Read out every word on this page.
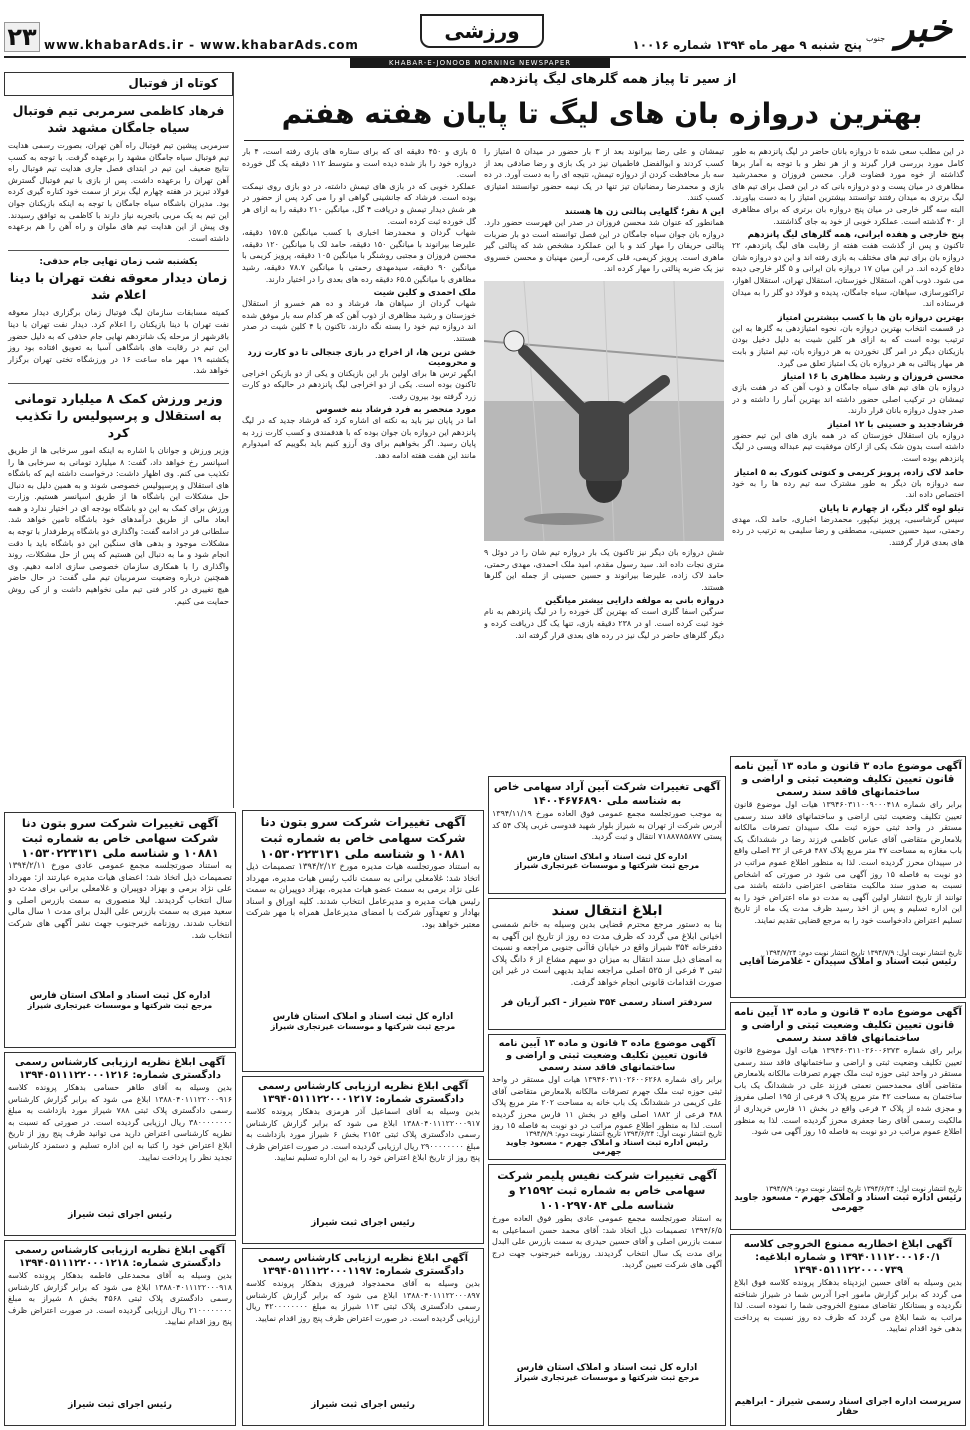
خبر
جنوب
پنج شنبه ۹ مهر ماه ۱۳۹۴ شماره ۱۰۰۱۶
ورزشی
www.khabarAds.ir - www.khabarAds.com
۲۳
KHABAR-E-JONOOB MORNING NEWSPAPER
از سیر تا پیاز همه گلرهای لیگ پانزدهم
بهترین دروازه بان های لیگ تا پایان هفته هفتم
در این مطلب سعی شده تا دروازه بانان حاضر در لیگ پانزدهم به طور کامل مورد بررسی قرار گیرند و از هر نظر و با توجه به آمار برها گذاشته از خوه مورد قضاوت قرار. محسن فروزان و محمدرشید مظاهری در میان پست و دو دروازه بانی که در این فصل برای تیم های لیگ برتری به میدان رفتند توانستند بیشترین امتیاز را به دست بیاورند. البته سه گلر خارجی در میان پنج دروازه بان برتری که برای مظاهری از ۴۰ گذشته است. عملکرد خوبی از خود به جای گذاشتند.
پنج خارجی و هفده ایرانی، همه گلرهای لیگ پانزدهم
تاکنون و پس از گذشت هفت هفته از رقابت های لیگ پانزدهم، ۲۲ دروازه بان برای تیم های مختلف به بازی رفته اند و این دو دروازه شان دفاع کرده اند. در این میان ۱۷ دروازه بان ایرانی و ۵ گلر خارجی دیده می شود. ذوب آهن، استقلال خوزستان، استقلال تهران، استقلال اهواز، تراکتورسازی، سپاهان، سیاه جامگان، پدیده و فولاد دو گلر را به میدان فرستاده اند.
بهترین دروازه بان ها با کسب بیشترین امتیاز
در قسمت انتخاب بهترین دروازه بان، نحوه امتیازدهی به گلرها به این ترتیب بوده است که به ازای هر کلین شیت به دلیل دخیل بودن بازیکنان دیگر در امر گل نخوردن به هر دروازه بان، تیم امتیاز و بابت هر مهار پنالتی به هر دروازه بان یک امتیاز تعلق می گیرد.
محسن فروزان و رشید مظاهری با ۱۶ امتیاز
دروازه بان های تیم های سیاه جامگان و ذوب آهن که در هفت بازی تیمشان در ترکیب اصلی حضور داشته اند بهترین آمار را داشته و در صدر جدول دروازه بانان قرار دارند.
فرشادجدید و حسینی با ۱۲ امتیاز
دروازه بان استقلال خوزستان که در همه بازی های این تیم حضور داشته است بدون شک یکی از ارکان موفقیت تیم عبداله ویسی در لیگ پانزدهم بوده است.
حامد لاک زاده، پرویز کریمی و کنوتی کنورک به ۵ امتیاز
سه دروازه بان دیگر به طور مشترک سه تیم رده ها را به خود اختصاص داده اند.
تیلو لوه گلر دیگر، از چهارم تا پایان
سپس گرشاسبی، پرویز نیکپور، محمدرضا اخباری، حامد لک، مهدی رحمتی، سید حسین حسینی، مصطفی و رضا سلیمی به ترتیب در رده های بعدی قرار گرفتند.
تیمشان و علی رضا بیرانوند بعد از ۳ بار حضور در میدان ۵ امتیاز را کسب کردند و ابوالفضل فاطمیان نیز در یک بازی و رضا صادقی بعد از سه بار محافظت کردن از دروازه تیمش، نتیجه ای را به دست آورد. در ده بازی و محمدرضا رمضانیان تیز تنها در یک نیمه حضور توانستند امتیازی کسب کنند.
این ۸ نفر؛ گلهایی پنالتی زن ها هستند
همانطور که عنوان شد محسن فروزان در صدر این فهرست حضور دارد. دروازه بان جوان سیاه جامگان در این فصل توانسته است دو بار ضربات پنالتی حریفان را مهار کند و با این عملکرد مشخص شد که پنالتی گیر ماهری است. پرویز کریمی، قلی کرمی، آرمین مهنیان و محسن خسروی نیز یک ضربه پنالتی را مهار کرده اند.
شش دروازه بان دیگر نیز تاکنون یک بار دروازه تیم شان را در دوئل ۹ متری نجات داده اند. سید رسول مقدم، امید ملک احمدی، مهدی رحمتی، حامد لاک زاده، علیرضا بیرانوند و حسین حسینی از جمله این گلرها هستند.
دروازه بانی به مولفه دارایی بیشتر میانگین
سرگین اسفا گلری است که بهترین گل خورده را در لیگ پانزدهم به نام خود ثبت کرده است. او در ۲۳۸ دقیقه بازی، تنها یک گل دریافت کرده و دیگر گلرهای حاضر در لیگ نیز در رده های بعدی قرار گرفته اند.
۵ بازی و ۴۵۰ دقیقه ای که برای ستاره های بازی رفته است، ۴ بار دروازه خود را باز شده دیده است و متوسط ۱۱۲ دقیقه یک گل خورده است.
عملکرد خوبی که در بازی های تیمش داشته، در دو بازی روی نیمکت بوده است. فرشاد که جانشینی گواهی او را می کرد پس از حضور در هر شش دیدار تیمش و دریافت ۴ گل، میانگین ۲۱۰ دقیقه را به ازای هر گل خورده ثبت کرده است.
شهاب گردان و محمدرضا اخباری با کسب میانگین ۱۵۷.۵ دقیقه، علیرضا بیرانوند با میانگین ۱۵۰ دقیقه، حامد لک با میانگین ۱۲۰ دقیقه، محسن فروزان و مجتبی روشنگر با میانگین ۱۰۵ دقیقه، پرویز کریمی با میانگین ۹۰ دقیقه، سیدمهدی رحمتی با میانگین ۷۸.۷ دقیقه، رشید مظاهری با میانگین ۶۵.۵ دقیقه رده های بعدی را در اختیار دارند.
ملک احمدی و کلین شیت
شهاب گردان از سپاهان ها، فرشاد و ده هم خسرو از استقلال خوزستان و رشید مظاهری از ذوب آهن که هر کدام سه بار موفق شده اند دروازه تیم خود را بسته نگه دارند، تاکنون با ۴ کلین شیت در صدر هستند.
خشن ترین ها، از اخراج در بازی جنجالی تا دو کارت زرد و محرومیت
ابگهر ترس ها برای اولین بار این بازیکنان و یکی از دو بازیکن اخراجی تاکنون بوده است. یکی از دو اخراجی لیگ پانزدهم در حالیکه دو کارت زرد گرفته بود بیرون رفت.
مورد منحصر به فرد فرشاد بنه خسوس
اما در پایان نیز باید به نکته ای اشاره کرد که فرشاد جدید که در لیگ پانزدهم این دروازه بان جوان بوده که با هدفمندی و کسب کارت زرد به پایان رسید. اگر بخواهیم برای وی آرزو کنیم باید بگوییم که امیدوارم مانند این هفت هفته ادامه دهد.
کوتاه از فوتبال
فرهاد کاظمی سرمربی تیم فوتبال سیاه جامگان مشهد شد
سرمربی پیشین تیم فوتبال راه آهن تهران، بصورت رسمی هدایت تیم فوتبال سیاه جامگان مشهد را برعهده گرفت. با توجه به کسب نتایج ضعیف این تیم در ابتدای فصل جاری هدایت تیم فوتبال راه آهن تهران را برعهده داشت. پس از بازی با تیم فوتبال گسترش فولاد تبریز در هفته چهارم لیگ برتر از سمت خود کناره گیری کرده بود. مدیران باشگاه سیاه جامگان با توجه به اینکه بازیکنان جوان این تیم به یک مربی باتجربه نیاز دارند با کاظمی به توافق رسیدند. وی پیش از این هدایت تیم های ملوان و راه آهن را هم برعهده داشته است.
یکشنبه شب زمان تهایی جام حذفی:
زمان دیدار معوقه نفت تهران با دینا اعلام شد
کمیته مسابقات سازمان لیگ فوتبال زمان برگزاری دیدار معوقه نفت تهران با دینا بازیکنان را اعلام کرد. دیدار نفت تهران با دینا باقرشهر از مرحله یک شانزدهم نهایی جام حذفی که به دلیل حضور این تیم در رقابت های باشگاهی آسیا به تعویق افتاده بود روز یکشنبه ۱۹ مهر ماه ساعت ۱۶ در ورزشگاه تختی تهران برگزار خواهد شد.
وزیر ورزش کمک ۸ میلیارد تومانی به استقلال و پرسپولیس را تکذیب کرد
وزیر ورزش و جوانان با اشاره به اینکه امور سرخابی ها از طریق اسپانسر رخ خواهد داد، گفت: ۸ میلیارد تومانی به سرخابی ها را تکذیب می کنم. وی اظهار داشت: درخواست داشته ایم که باشگاه های استقلال و پرسپولیس خصوصی شوند و به همین دلیل به دنبال حل مشکلات این باشگاه ها از طریق اسپانسر هستیم. وزارت ورزش برای کمک به این دو باشگاه بودجه ای در اختیار ندارد و همه ابعاد مالی از طریق درآمدهای خود باشگاه تامین خواهد شد. سلطانی فر در ادامه گفت: واگذاری دو باشگاه پرطرفدار با توجه به مشکلات موجود و بدهی های سنگین این دو باشگاه باید با دقت انجام شود و ما به دنبال این هستیم که پس از حل مشکلات، روند واگذاری را با همکاری سازمان خصوصی سازی ادامه دهیم. وی همچنین درباره وضعیت سرمربیان تیم ملی گفت: در حال حاضر هیچ تغییری در کادر فنی تیم ملی نخواهیم داشت و از کی روش حمایت می کنیم.
آگهی موضوع ماده ۳ قانون و ماده ۱۳ آیین نامه قانون تعیین تکلیف وضعیت ثبتی و اراضی و ساختمانهای فاقد سند رسمی
برابر رای شماره ۱۳۹۴۶۰۳۱۱۰۰۹۰۰۰۴۱۸ هیات اول موضوع قانون تعیین تکلیف وضعیت ثبتی اراضی و ساختمانهای فاقد سند رسمی مستقر در واحد ثبتی حوزه ثبت ملک سپیدان تصرفات مالکانه بلامعارض متقاضی آقای عباس کاظمی فرزند رضا در ششدانگ یک باب مغازه به مساحت ۴۷ متر مربع پلاک ۴۸۷ فرعی از ۴۲ اصلی واقع در سپیدان محرز گردیده است. لذا به منظور اطلاع عموم مراتب در دو نوبت به فاصله ۱۵ روز آگهی می شود در صورتی که اشخاص نسبت به صدور سند مالکیت متقاضی اعتراضی داشته باشند می توانند از تاریخ انتشار اولین آگهی به مدت دو ماه اعتراض خود را به این اداره تسلیم و پس از اخذ رسید ظرف مدت یک ماه از تاریخ تسلیم اعتراض دادخواست خود را به مرجع قضایی تقدیم نمایند.
تاریخ انتشار نوبت اول: ۱۳۹۴/۷/۹ تاریخ انتشار نوبت دوم: ۱۳۹۴/۷/۲۴
رئیس ثبت اسناد و املاک سپیدان - غلامرضا آقایی
آگهی موضوع ماده ۳ قانون و ماده ۱۳ آیین نامه قانون تعیین تکلیف وضعیت ثبتی و اراضی و ساختمانهای فاقد سند رسمی
برابر رای شماره ۱۳۹۴۶۰۳۱۱۰۲۶۰۰۶۳۷۳ هیات اول موضوع قانون تعیین تکلیف وضعیت ثبتی و اراضی و ساختمانهای فاقد سند رسمی مستقر در واحد ثبتی حوزه ثبت ملک جهرم تصرفات مالکانه بلامعارض متقاضی آقای محمدحسن نعمتی فرزند علی در ششدانگ یک باب ساختمان به مساحت ۴۲ متر مربع پلاک ۹ فرعی از ۱۹۵ اصلی مفروز و مجزی شده از پلاک ۳ فرعی واقع در بخش ۱۱ فارس خریداری از مالکیت رسمی آقای رضا جعفری محرز گردیده است. لذا به منظور اطلاع عموم مراتب در دو نوبت به فاصله ۱۵ روز آگهی می شود.
تاریخ انتشار نوبت اول: ۱۳۹۴/۶/۲۴ تاریخ انتشار نوبت دوم: ۱۳۹۴/۷/۹
رئیس اداره ثبت اسناد و املاک جهرم - مسعود جاوید جهرمی
آگهی ابلاغ اخطاریه ممنوع الخروجی کلاسه ۱۳۹۴۰۱۱۱۲۰۰۰۱۶۰/۱ و شماره ابلاغیه: ۱۳۹۴۰۵۱۱۱۲۲۰۰۰۰۷۳۹
بدین وسیله به آقای حسین ایزدپناه بدهکار پرونده کلاسه فوق ابلاغ می گردد که برابر گزارش مامور اجرا آدرس شما در شیراز شناخته نگردیده و بستانکار تقاضای ممنوع الخروجی شما را نموده است. لذا مراتب به شما ابلاغ می گردد که ظرف ده روز نسبت به پرداخت بدهی خود اقدام نمایید.
سرپرست اداره اجرای اسناد رسمی شیراز - ابراهیم حقار
آگهی تغییرات شرکت آبین آراد سهامی خاص به شناسه ملی ۱۴۰۰۴۶۷۶۸۹۰
به موجب صورتجلسه مجمع عمومی فوق العاده مورخ ۱۳۹۴/۱۱/۱۹ آدرس شرکت از تهران به شیراز بلوار شهید قدوسی غربی پلاک ۵۴ کد پستی ۷۱۸۸۷۸۵۸۷۷ انتقال و ثبت گردید.
اداره کل ثبت اسناد و املاک استان فارس
مرجع ثبت شرکتها و موسسات غیرتجاری شیراز
ابلاغ انتقال سند
بنا به دستور مرجع محترم قضایی بدین وسیله به خانم شمسی اخیانی ابلاغ می گردد که ظرف مدت ده روز از تاریخ این آگهی به دفترخانه ۳۵۴ شیراز واقع در خیابان قاآنی جنوبی مراجعه و نسبت به امضای ذیل سند انتقال به میزان دو سهم مشاع از ۶ دانگ پلاک ثبتی ۳ فرعی از ۵۲۵ اصلی مراجعه نماید بدیهی است در غیر این صورت اقدامات قانونی انجام خواهد گرفت.
سردفتر اسناد رسمی ۳۵۴ شیراز - اکبر آریان فر
آگهی موضوع ماده ۳ قانون و ماده ۱۳ آیین نامه قانون تعیین تکلیف وضعیت ثبتی و اراضی و ساختمانهای فاقد سند رسمی
برابر رای شماره ۱۳۹۴۶۰۳۱۱۰۲۶۰۰۶۲۶۸ هیات اول مستقر در واحد ثبتی حوزه ثبت ملک جهرم تصرفات مالکانه بلامعارض متقاضی آقای علی کریمی در ششدانگ یک باب خانه به مساحت ۲۰۲ متر مربع پلاک ۴۸۸ فرعی از ۱۸۸۲ اصلی واقع در بخش ۱۱ فارس محرز گردیده است. لذا به منظور اطلاع عموم مراتب در دو نوبت به فاصله ۱۵ روز
تاریخ انتشار نوبت اول: ۱۳۹۴/۶/۲۴ تاریخ انتشار نوبت دوم: ۱۳۹۴/۷/۹
رئیس اداره ثبت اسناد و املاک جهرم - مسعود جاوید جهرمی
آگهی تغییرات شرکت نفیس پلیمر شرکت سهامی خاص به شماره ثبت ۲۱۵۹۲ و شناسه ملی ۱۰۱۰۲۹۷۰۸۴
به استناد صورتجلسه مجمع عمومی عادی بطور فوق العاده مورخ ۱۳۹۴/۶/۵ تصمیمات ذیل اتخاذ شد: آقای محمد حسن اسماعیلی به سمت بازرس اصلی و آقای حسین حیدری به سمت بازرس علی البدل برای مدت یک سال انتخاب گردیدند. روزنامه خبرجنوب جهت درج آگهی های شرکت تعیین گردید.
اداره کل ثبت اسناد و املاک استان فارس
مرجع ثبت شرکتها و موسسات غیرتجاری شیراز
آگهی تغییرات شرکت سرو بتون دنا شرکت سهامی خاص به شماره ثبت ۱۰۸۸۱ و شناسه ملی ۱۰۵۳۰۲۲۳۱۳۱
به استناد صورتجلسه هیات مدیره مورخ ۱۳۹۴/۲/۱۲ تصمیمات ذیل اتخاذ شد: غلامعلی برانی به سمت نائب رئیس هیات مدیره، مهرداد علی نژاد برمی به سمت عضو هیات مدیره، بهزاد دوپیران به سمت رئیس هیات مدیره و مدیرعامل انتخاب شدند. کلیه اوراق و اسناد بهادار و تعهدآور شرکت با امضای مدیرعامل همراه با مهر شرکت معتبر خواهد بود.
اداره کل ثبت اسناد و املاک استان فارس
مرجع ثبت شرکتها و موسسات غیرتجاری شیراز
آگهی ابلاغ نظریه ارزیابی کارشناس رسمی دادگستری شماره: ۱۳۹۴۰۵۱۱۱۲۲۰۰۰۱۲۱۷
بدین وسیله به آقای اسماعیل آذر هرمزی بدهکار پرونده کلاسه ۱۳۸۸۰۴۰۱۱۱۲۲۰۰۰۹۱۷ ابلاغ می شود که برابر گزارش کارشناس رسمی دادگستری پلاک ثبتی ۲۱۵۲ بخش ۶ شیراز مورد بازداشت به مبلغ ۲۹۰۰۰۰۰۰۰۰ ریال ارزیابی گردیده است. در صورت اعتراض ظرف پنج روز از تاریخ ابلاغ اعتراض خود را به این اداره تسلیم نمایید.
رئیس اجرای ثبت شیراز
آگهی ابلاغ نظریه ارزیابی کارشناس رسمی دادگستری شماره: ۱۳۹۴۰۵۱۱۱۲۲۰۰۰۱۱۹۷
بدین وسیله به آقای محمدجواد فیروزی بدهکار پرونده کلاسه ۱۳۸۸۰۴۰۱۱۱۲۲۰۰۰۸۹۷ ابلاغ می شود که برابر گزارش کارشناس رسمی دادگستری پلاک ثبتی ۱۱۳ شیراز به مبلغ ۴۲۰۰۰۰۰۰۰۰ ریال ارزیابی گردیده است. در صورت اعتراض ظرف پنج روز اقدام نمایید.
رئیس اجرای ثبت شیراز
آگهی تغییرات شرکت سرو بتون دنا شرکت سهامی خاص به شماره ثبت ۱۰۸۸۱ و شناسه ملی ۱۰۵۳۰۲۲۳۱۳۱
به استناد صورتجلسه مجمع عمومی عادی مورخ ۱۳۹۴/۲/۱۱ تصمیمات ذیل اتخاذ شد: اعضای هیات مدیره عبارتند از: مهرداد علی نژاد برمی و بهزاد دوپیران و غلامعلی برانی برای مدت دو سال انتخاب گردیدند. لیلا منصوری به سمت بازرس اصلی و سعید میری به سمت بازرس علی البدل برای مدت ۱ سال مالی انتخاب شدند. روزنامه خبرجنوب جهت نشر آگهی های شرکت انتخاب شد.
اداره کل ثبت اسناد و املاک استان فارس
مرجع ثبت شرکتها و موسسات غیرتجاری شیراز
آگهی ابلاغ نظریه ارزیابی کارشناس رسمی دادگستری شماره: ۱۳۹۴۰۵۱۱۱۲۲۰۰۰۱۲۱۶
بدین وسیله به آقای طاهر حسامی بدهکار پرونده کلاسه ۱۳۸۸۰۴۰۱۱۱۲۲۰۰۰۹۱۶ ابلاغ می شود که برابر گزارش کارشناس رسمی دادگستری پلاک ثبتی ۷۸۸ شیراز مورد بازداشت به مبلغ ۳۸۰۰۰۰۰۰۰۰ ریال ارزیابی گردیده است. در صورتی که نسبت به نظریه کارشناسی اعتراض دارید می توانید ظرف پنج روز از تاریخ ابلاغ اعتراض خود را کتبا به این اداره تسلیم و دستمزد کارشناس تجدید نظر را پرداخت نمایید.
رئیس اجرای ثبت شیراز
آگهی ابلاغ نظریه ارزیابی کارشناس رسمی دادگستری شماره: ۱۳۹۴۰۵۱۱۱۲۲۰۰۰۱۲۱۸
بدین وسیله به آقای محمدعلی فاطمه بدهکار پرونده کلاسه ۱۳۸۸۰۴۰۱۱۱۲۲۰۰۰۹۱۸ ابلاغ می شود که برابر گزارش کارشناس رسمی دادگستری پلاک ثبتی ۴۵۶۸ بخش ۸ شیراز به مبلغ ۲۱۰۰۰۰۰۰۰۰ ریال ارزیابی گردیده است. در صورت اعتراض ظرف پنج روز اقدام نمایید.
رئیس اجرای ثبت شیراز
